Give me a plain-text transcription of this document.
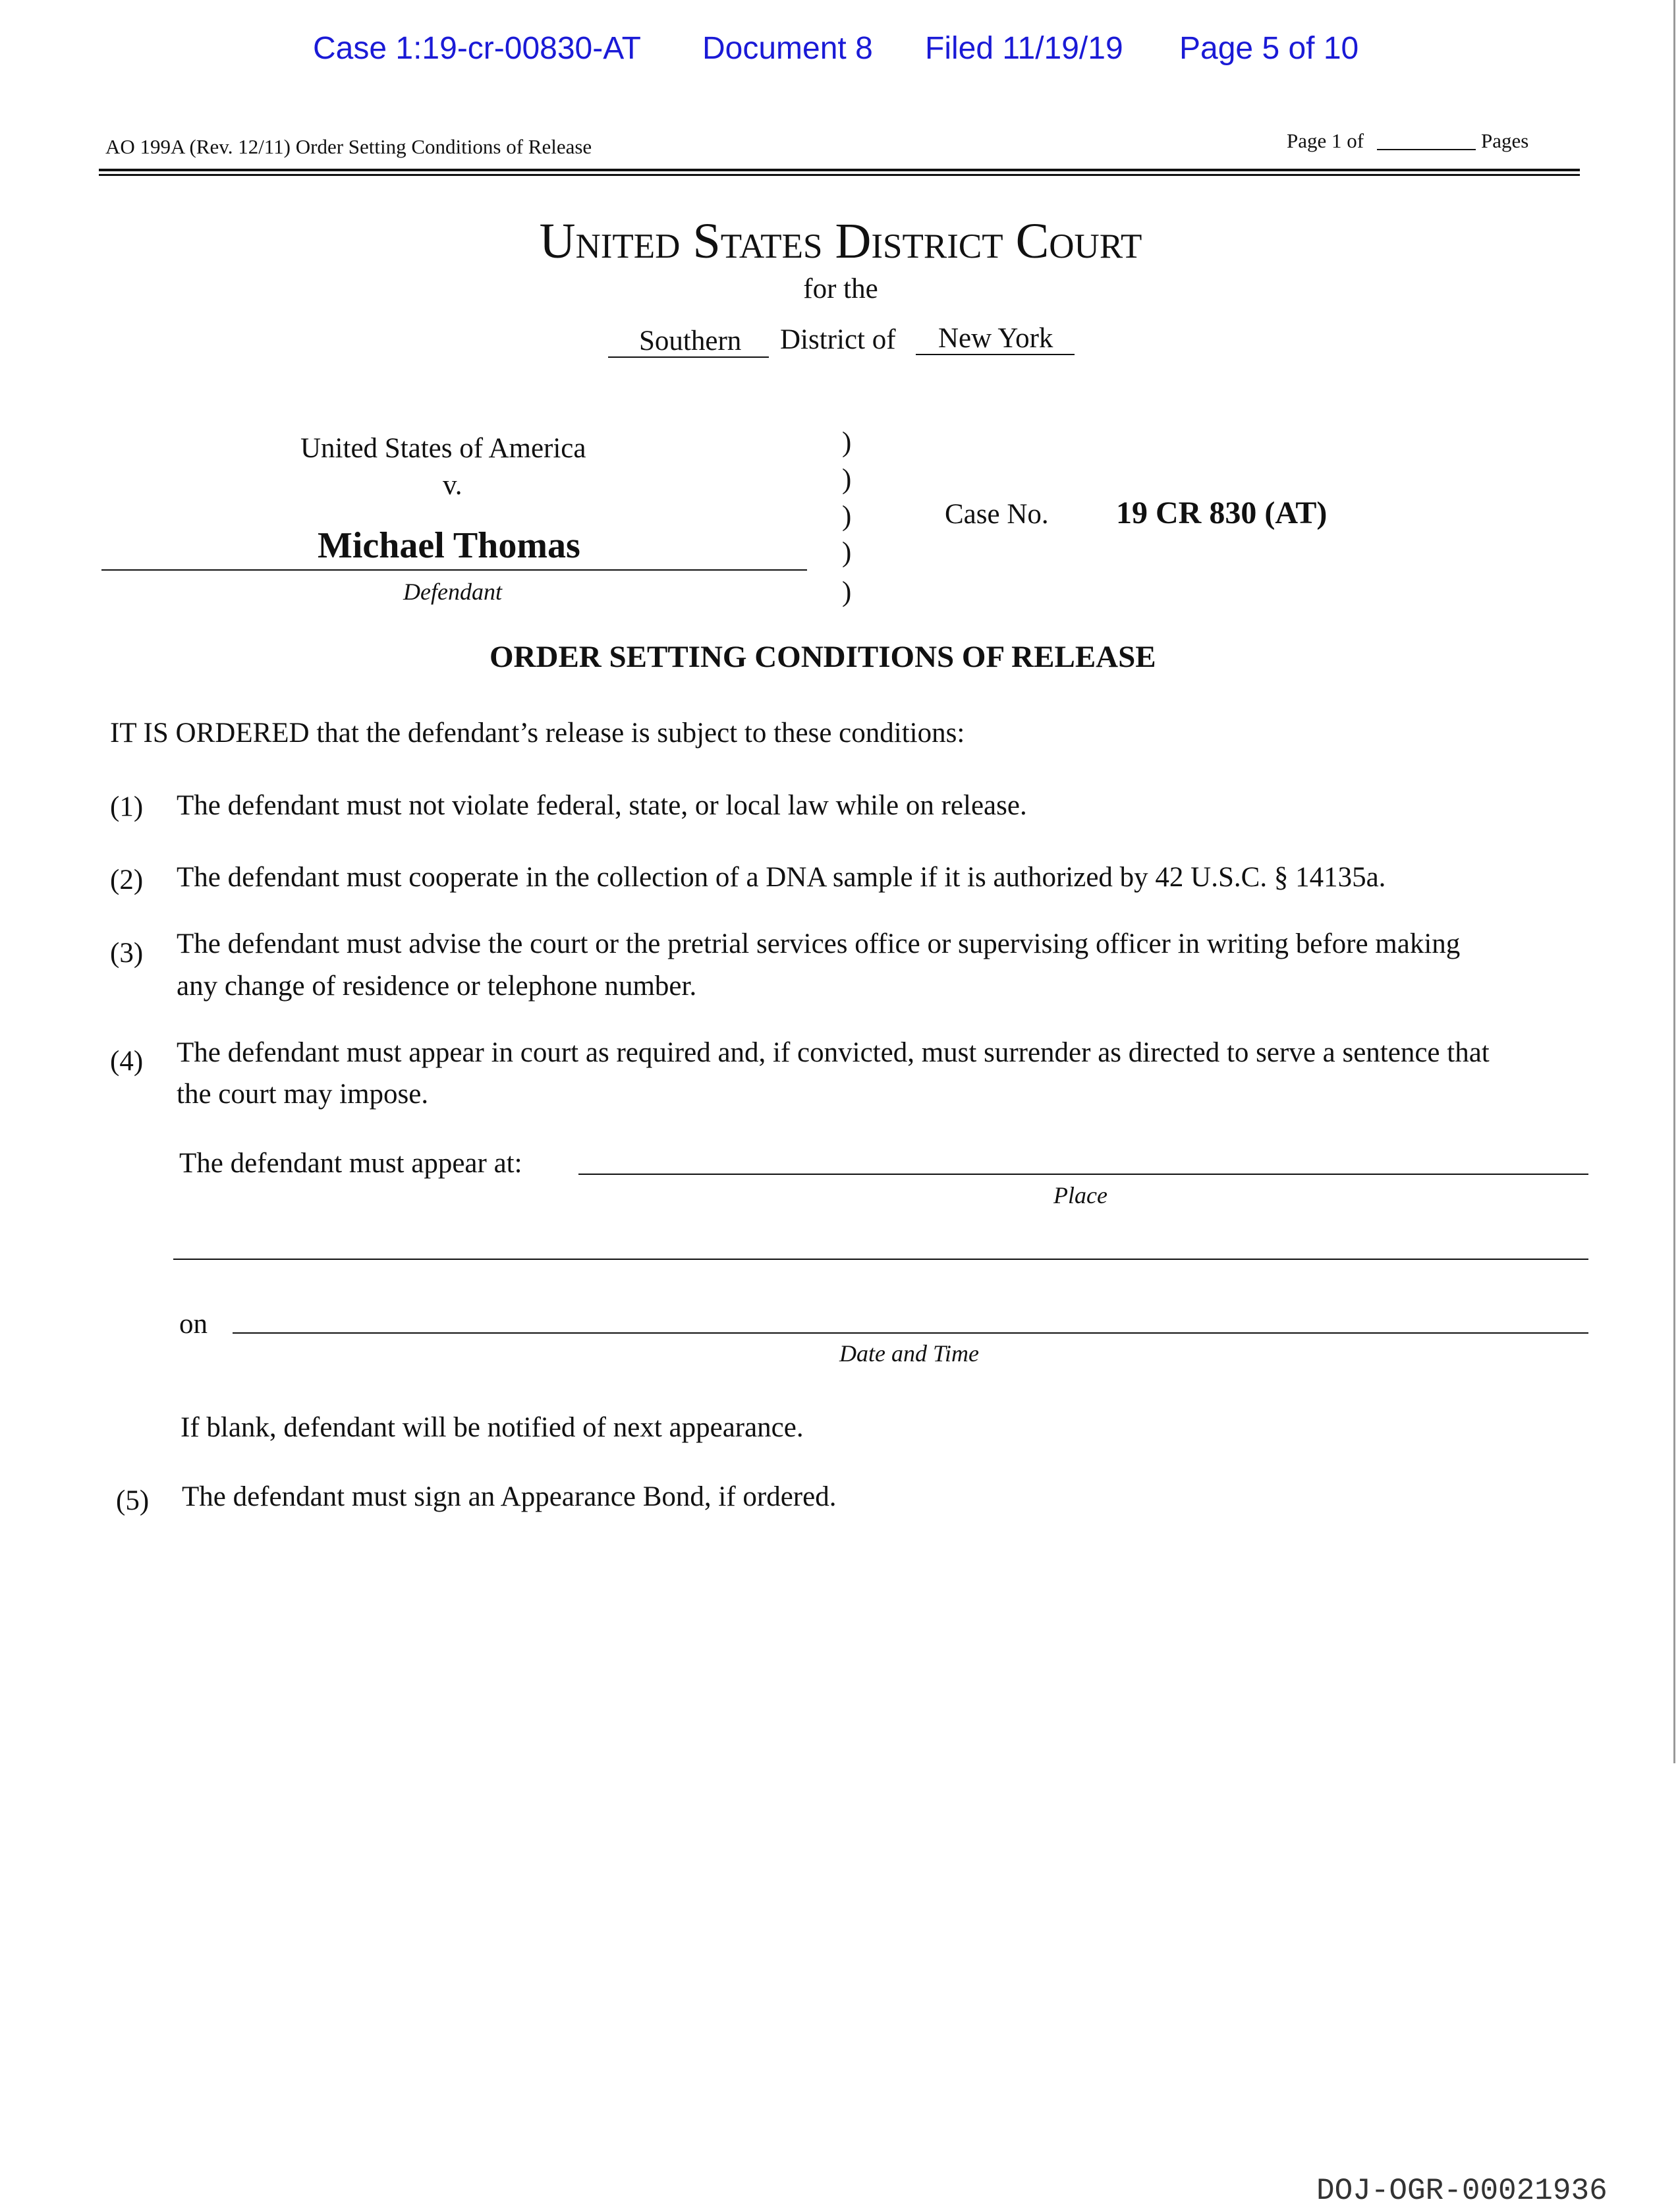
Case 1:19-cr-00830-AT Document 8 Filed 11/19/19 Page 5 of 10
AO 199A (Rev. 12/11) Order Setting Conditions of Release	Page 1 of	Pages
United States District Court
for the
Southern District of New York
United States of America
v.
Michael Thomas
Defendant
)
)
)
)
)
Case No. 19 CR 830 (AT)
ORDER SETTING CONDITIONS OF RELEASE
IT IS ORDERED that the defendant’s release is subject to these conditions:
(1) The defendant must not violate federal, state, or local law while on release.
(2) The defendant must cooperate in the collection of a DNA sample if it is authorized by 42 U.S.C. § 14135a.
(3) The defendant must advise the court or the pretrial services office or supervising officer in writing before making
any change of residence or telephone number.
(4) The defendant must appear in court as required and, if convicted, must surrender as directed to serve a sentence that
the court may impose.
The defendant must appear at:
Place
on
Date and Time
If blank, defendant will be notified of next appearance.
(5) The defendant must sign an Appearance Bond, if ordered.
DOJ-OGR-00021936
